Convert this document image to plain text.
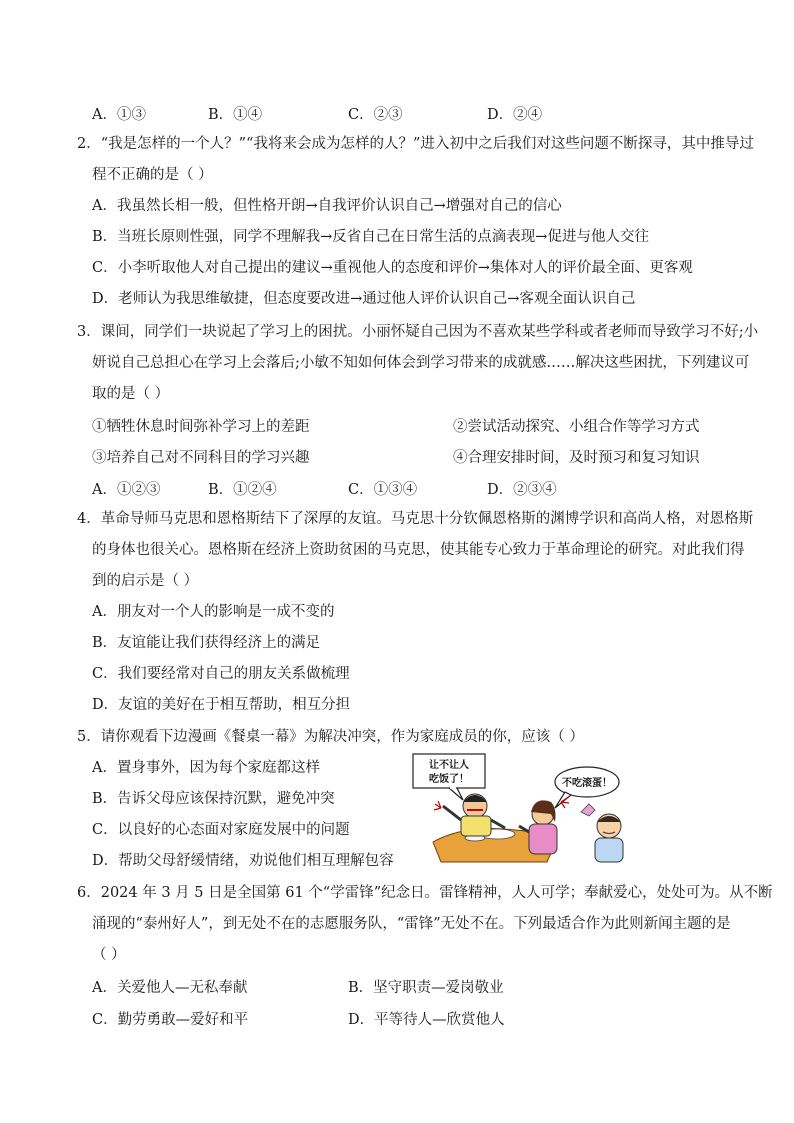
A．①③	B．①④	C．②③	D．②④
2．“我是怎样的一个人？”“我将来会成为怎样的人？”进入初中之后我们对这些问题不断探寻，其中推导过
程不正确的是（ ）
A．我虽然长相一般，但性格开朗→自我评价认识自己→增强对自己的信心
B．当班长原则性强，同学不理解我→反省自己在日常生活的点滴表现→促进与他人交往
C．小李听取他人对自己提出的建议→重视他人的态度和评价→集体对人的评价最全面、更客观
D．老师认为我思维敏捷，但态度要改进→通过他人评价认识自己→客观全面认识自己
3．课间，同学们一块说起了学习上的困扰。小丽怀疑自己因为不喜欢某些学科或者老师而导致学习不好;小
妍说自己总担心在学习上会落后;小敏不知如何体会到学习带来的成就感……解决这些困扰，下列建议可
取的是（ ）
①牺牲休息时间弥补学习上的差距	②尝试活动探究、小组合作等学习方式
③培养自己对不同科目的学习兴趣	④合理安排时间，及时预习和复习知识
A．①②③	B．①②④	C．①③④	D．②③④
4．革命导师马克思和恩格斯结下了深厚的友谊。马克思十分钦佩恩格斯的渊博学识和高尚人格，对恩格斯
的身体也很关心。恩格斯在经济上资助贫困的马克思，使其能专心致力于革命理论的研究。对此我们得
到的启示是（ ）
A．朋友对一个人的影响是一成不变的
B．友谊能让我们获得经济上的满足
C．我们要经常对自己的朋友关系做梳理
D．友谊的美好在于相互帮助，相互分担
5．请你观看下边漫画《餐桌一幕》为解决冲突，作为家庭成员的你，应该（ ）
A．置身事外，因为每个家庭都这样
B．告诉父母应该保持沉默，避免冲突
C．以良好的心态面对家庭发展中的问题
D．帮助父母舒缓情绪，劝说他们相互理解包容
让不让人
吃饭了！	不吃滚蛋！
6．2024 年 3 月 5 日是全国第 61 个“学雷锋”纪念日。雷锋精神，人人可学；奉献爱心，处处可为。从不断
涌现的“泰州好人”，到无处不在的志愿服务队，“雷锋”无处不在。下列最适合作为此则新闻主题的是
（ ）
A．关爱他人—无私奉献	B．坚守职责—爱岗敬业
C．勤劳勇敢—爱好和平	D．平等待人—欣赏他人
